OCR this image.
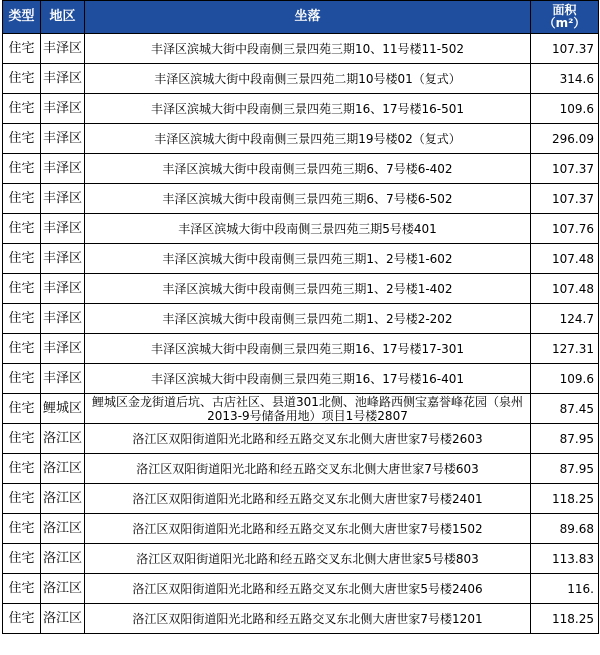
类型	地区	坐落	面积
（m²）
住宅	丰泽区	丰泽区滨城大街中段南侧三景四苑三期10、11号楼11-502	107.37
住宅	丰泽区	丰泽区滨城大街中段南侧三景四苑二期10号楼01（复式）	314.6
住宅	丰泽区	丰泽区滨城大街中段南侧三景四苑三期16、17号楼16-501	109.6
住宅	丰泽区	丰泽区滨城大街中段南侧三景四苑三期19号楼02（复式）	296.09
住宅	丰泽区	丰泽区滨城大街中段南侧三景四苑三期6、7号楼6-402	107.37
住宅	丰泽区	丰泽区滨城大街中段南侧三景四苑三期6、7号楼6-502	107.37
住宅	丰泽区	丰泽区滨城大街中段南侧三景四苑三期5号楼401	107.76
住宅	丰泽区	丰泽区滨城大街中段南侧三景四苑三期1、2号楼1-602	107.48
住宅	丰泽区	丰泽区滨城大街中段南侧三景四苑三期1、2号楼1-402	107.48
住宅	丰泽区	丰泽区滨城大街中段南侧三景四苑二期1、2号楼2-202	124.7
住宅	丰泽区	丰泽区滨城大街中段南侧三景四苑三期16、17号楼17-301	127.31
住宅	丰泽区	丰泽区滨城大街中段南侧三景四苑三期16、17号楼16-401	109.6
住宅	鲤城区	鲤城区金龙街道后坑、古店社区、县道301北侧、池峰路西侧宝嘉誉峰花园（泉州2013-9号储备用地）项目1号楼2807	87.45
住宅	洛江区	洛江区双阳街道阳光北路和经五路交叉东北侧大唐世家7号楼2603	87.95
住宅	洛江区	洛江区双阳街道阳光北路和经五路交叉东北侧大唐世家7号楼603	87.95
住宅	洛江区	洛江区双阳街道阳光北路和经五路交叉东北侧大唐世家7号楼2401	118.25
住宅	洛江区	洛江区双阳街道阳光北路和经五路交叉东北侧大唐世家7号楼1502	89.68
住宅	洛江区	洛江区双阳街道阳光北路和经五路交叉东北侧大唐世家5号楼803	113.83
住宅	洛江区	洛江区双阳街道阳光北路和经五路交叉东北侧大唐世家5号楼2406	116.
住宅	洛江区	洛江区双阳街道阳光北路和经五路交叉东北侧大唐世家7号楼1201	118.25
